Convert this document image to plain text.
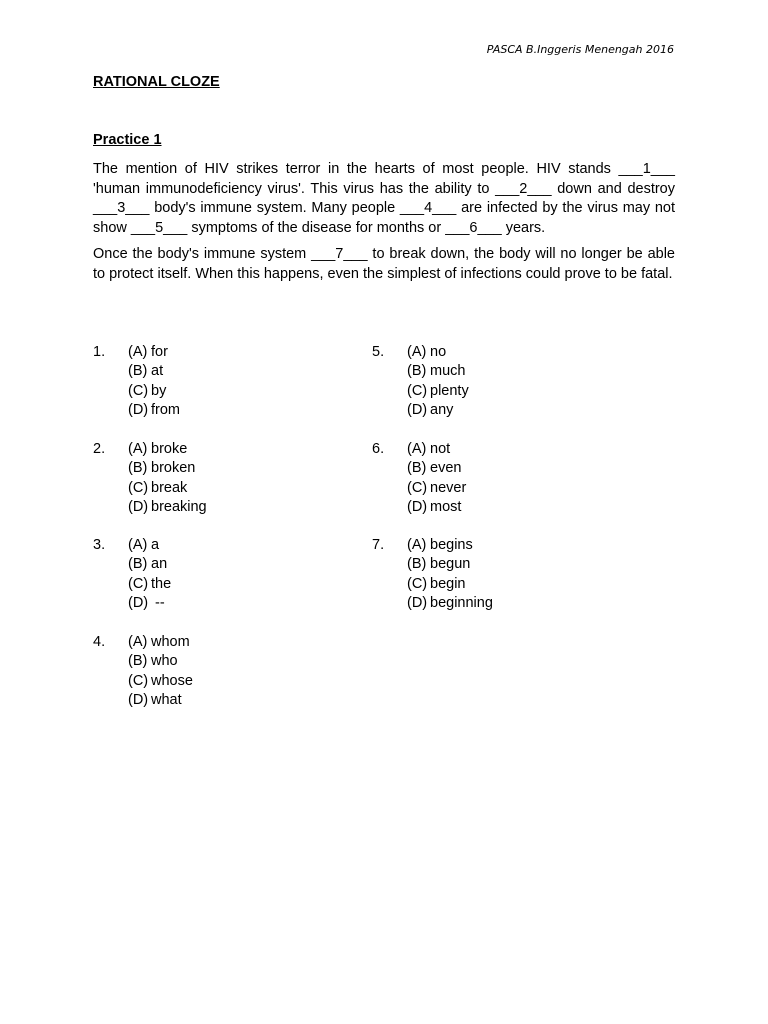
PASCA B.Inggeris Menengah 2016
RATIONAL CLOZE
Practice 1

The mention of HIV strikes terror in the hearts of most people. HIV stands ___1___ 'human immunodeficiency virus'. This virus has the ability to ___2___ down and destroy ___3___ body's immune system. Many people ___4___ are infected by the virus may not show ___5___ symptoms of the disease for months or ___6___ years.

Once the body's immune system ___7___ to break down, the body will no longer be able to protect itself. When this happens, even the simplest of infections could prove to be fatal.

1. (A) for
(B) at
(C) by
(D) from
2. (A) broke
(B) broken
(C) break
(D) breaking
3. (A) a
(B) an
(C) the
(D) --
4. (A) whom
(B) who
(C) whose
(D) what
5. (A) no
(B) much
(C) plenty
(D) any
6. (A) not
(B) even
(C) never
(D) most
7. (A) begins
(B) begun
(C) begin
(D) beginning
